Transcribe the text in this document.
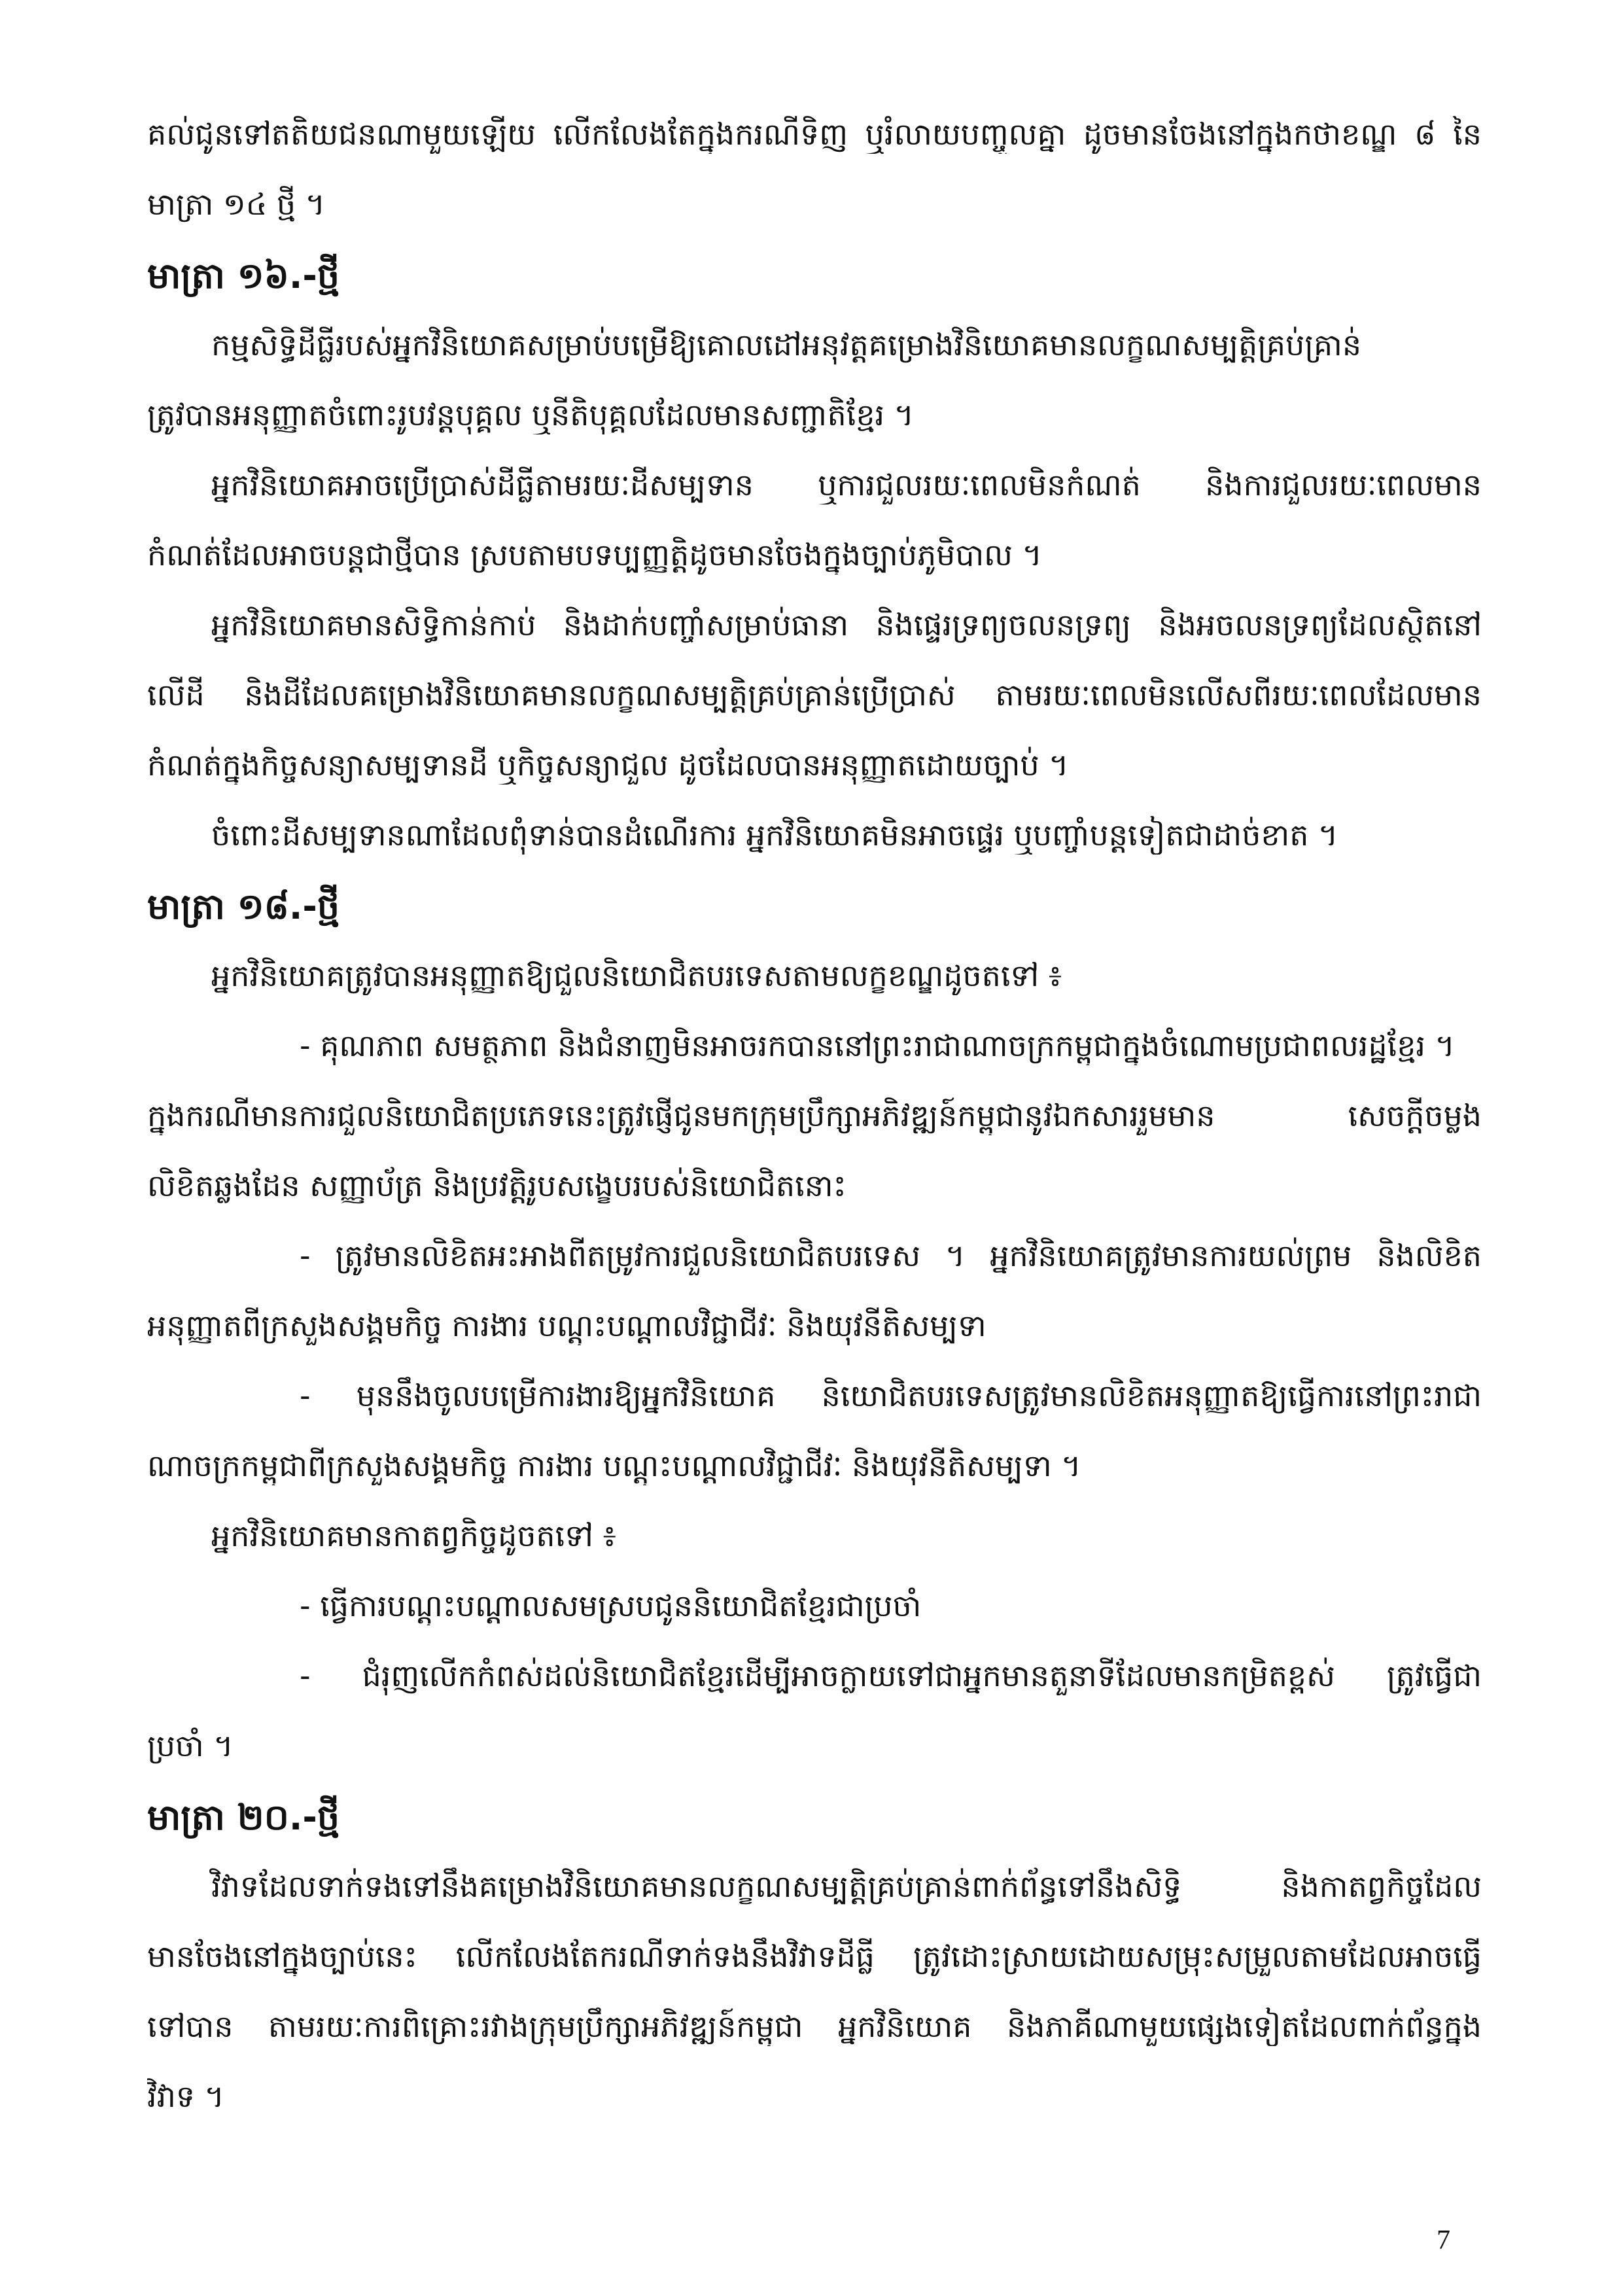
គល់ជូនទៅតតិយជនណាមួយឡើយ លើកលែងតែក្នុងករណីទិញ ឬរំលាយបញ្ចូលគ្នា ដូចមានចែងនៅក្នុងកថាខណ្ឌ ៨ នៃ
មាត្រា ១៤ ថ្មី ។
មាត្រា ១៦.-ថ្មី
កម្មសិទ្ធិដីធ្លីរបស់អ្នកវិនិយោគសម្រាប់បម្រើឱ្យគោលដៅអនុវត្តគម្រោងវិនិយោគមានលក្ខណសម្បត្តិគ្រប់គ្រាន់
ត្រូវបានអនុញ្ញាតចំពោះរូបវន្តបុគ្គល ឬនីតិបុគ្គលដែលមានសញ្ជាតិខ្មែរ ។
អ្នកវិនិយោគអាចប្រើប្រាស់ដីធ្លីតាមរយៈដីសម្បទាន ឬការជួលរយៈពេលមិនកំណត់ និងការជួលរយៈពេលមាន
កំណត់ដែលអាចបន្តជាថ្មីបាន ស្របតាមបទប្បញ្ញត្តិដូចមានចែងក្នុងច្បាប់ភូមិបាល ។
អ្នកវិនិយោគមានសិទ្ធិកាន់កាប់ និងដាក់បញ្ចាំសម្រាប់ធានា និងផ្ទេរទ្រព្យចលនទ្រព្យ និងអចលនទ្រព្យដែលស្ថិតនៅ
លើដី និងដីដែលគម្រោងវិនិយោគមានលក្ខណសម្បត្តិគ្រប់គ្រាន់ប្រើប្រាស់ តាមរយៈពេលមិនលើសពីរយៈពេលដែលមាន
កំណត់ក្នុងកិច្ចសន្យាសម្បទានដី ឬកិច្ចសន្យាជួល ដូចដែលបានអនុញ្ញាតដោយច្បាប់ ។
ចំពោះដីសម្បទានណាដែលពុំទាន់បានដំណើរការ អ្នកវិនិយោគមិនអាចផ្ទេរ ឬបញ្ចាំបន្តទៀតជាដាច់ខាត ។
មាត្រា ១៨.-ថ្មី
អ្នកវិនិយោគត្រូវបានអនុញ្ញាតឱ្យជួលនិយោជិតបរទេសតាមលក្ខខណ្ឌដូចតទៅ ៖
- គុណភាព សមត្ថភាព និងជំនាញមិនអាចរកបាននៅព្រះរាជាណាចក្រកម្ពុជាក្នុងចំណោមប្រជាពលរដ្ឋខ្មែរ ។
ក្នុងករណីមានការជួលនិយោជិតប្រភេទនេះត្រូវផ្ញើជូនមកក្រុមប្រឹក្សាអភិវឌ្ឍន៍កម្ពុជានូវឯកសាររួមមាន សេចក្តីចម្លង
លិខិតឆ្លងដែន សញ្ញាប័ត្រ និងប្រវត្តិរូបសង្ខេបរបស់និយោជិតនោះ
- ត្រូវមានលិខិតអះអាងពីតម្រូវការជួលនិយោជិតបរទេស ។ អ្នកវិនិយោគត្រូវមានការយល់ព្រម និងលិខិត
អនុញ្ញាតពីក្រសួងសង្គមកិច្ច ការងារ បណ្តុះបណ្តាលវិជ្ជាជីវៈ និងយុវនីតិសម្បទា
- មុននឹងចូលបម្រើការងារឱ្យអ្នកវិនិយោគ និយោជិតបរទេសត្រូវមានលិខិតអនុញ្ញាតឱ្យធ្វើការនៅព្រះរាជា
ណាចក្រកម្ពុជាពីក្រសួងសង្គមកិច្ច ការងារ បណ្តុះបណ្តាលវិជ្ជាជីវៈ និងយុវនីតិសម្បទា ។
អ្នកវិនិយោគមានកាតព្វកិច្ចដូចតទៅ ៖
- ធ្វើការបណ្តុះបណ្តាលសមស្របជូននិយោជិតខ្មែរជាប្រចាំ
- ជំរុញលើកកំពស់ដល់និយោជិតខ្មែរដើម្បីអាចក្លាយទៅជាអ្នកមានតួនាទីដែលមានកម្រិតខ្ពស់ ត្រូវធ្វើជា
ប្រចាំ ។
មាត្រា ២០.-ថ្មី
វិវាទដែលទាក់ទងទៅនឹងគម្រោងវិនិយោគមានលក្ខណសម្បត្តិគ្រប់គ្រាន់ពាក់ព័ន្ធទៅនឹងសិទ្ធិ និងកាតព្វកិច្ចដែល
មានចែងនៅក្នុងច្បាប់នេះ លើកលែងតែករណីទាក់ទងនឹងវិវាទដីធ្លី ត្រូវដោះស្រាយដោយសម្រុះសម្រួលតាមដែលអាចធ្វើ
ទៅបាន តាមរយៈការពិគ្រោះរវាងក្រុមប្រឹក្សាអភិវឌ្ឍន៍កម្ពុជា អ្នកវិនិយោគ និងភាគីណាមួយផ្សេងទៀតដែលពាក់ព័ន្ធក្នុង
វិវាទ ។
7
